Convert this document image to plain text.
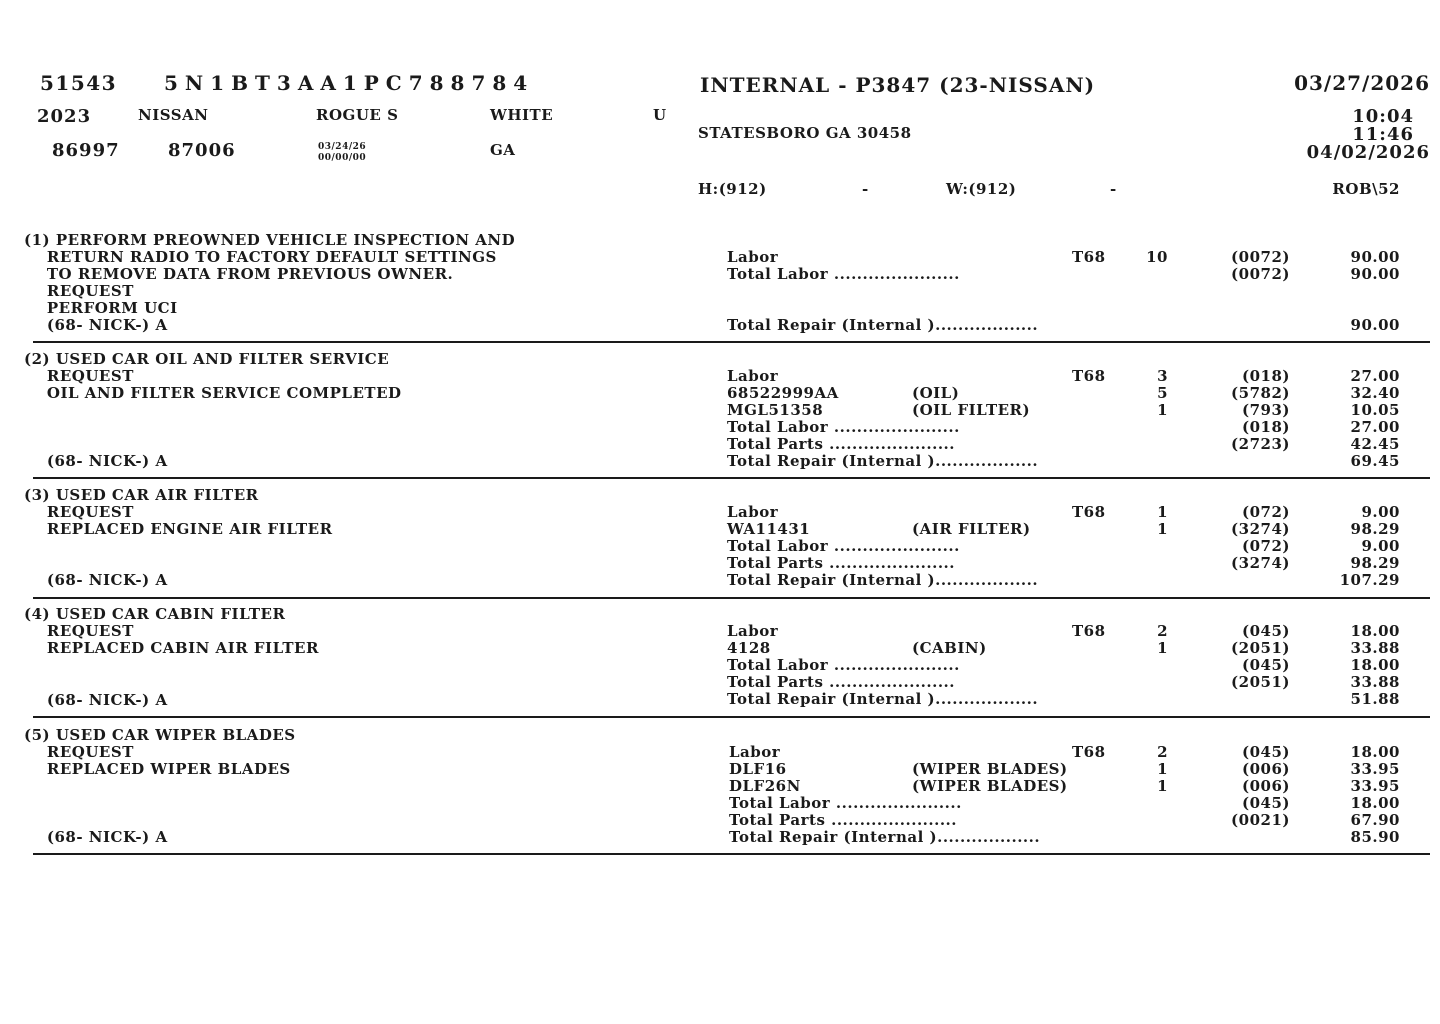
51543 5N1BT3AA1PC788784	INTERNAL - P3847 (23-NISSAN)	03/27/2026
2023	NISSAN	ROGUE S	WHITE	U
STATESBORO GA 30458
10:04
11:46
04/02/2026
86997	87006	03/24/26
00/00/00	GA
H:(912)	-	W:(912)	-	ROB\52
(1) PERFORM PREOWNED VEHICLE INSPECTION AND
RETURN RADIO TO FACTORY DEFAULT SETTINGS
TO REMOVE DATA FROM PREVIOUS OWNER.
REQUEST
PERFORM UCI
(68- NICK-) A
Labor	T68	10	(0072)	90.00
Total Labor ......................	(0072)	90.00
Total Repair (Internal )..................	90.00
(2) USED CAR OIL AND FILTER SERVICE
REQUEST
OIL AND FILTER SERVICE COMPLETED
(68- NICK-) A
Labor	T68	3	(018)	27.00
68522999AA	(OIL)	5	(5782)	32.40
MGL51358	(OIL FILTER)	1	(793)	10.05
Total Labor ......................	(018)	27.00
Total Parts ......................	(2723)	42.45
Total Repair (Internal )..................	69.45
(3) USED CAR AIR FILTER
REQUEST
REPLACED ENGINE AIR FILTER
(68- NICK-) A
Labor	T68	1	(072)	9.00
WA11431	(AIR FILTER)	1	(3274)	98.29
Total Labor ......................	(072)	9.00
Total Parts ......................	(3274)	98.29
Total Repair (Internal )..................	107.29
(4) USED CAR CABIN FILTER
REQUEST
REPLACED CABIN AIR FILTER
(68- NICK-) A
Labor	T68	2	(045)	18.00
4128	(CABIN)	1	(2051)	33.88
Total Labor ......................	(045)	18.00
Total Parts ......................	(2051)	33.88
Total Repair (Internal )..................	51.88
(5) USED CAR WIPER BLADES
REQUEST
REPLACED WIPER BLADES
(68- NICK-) A
Labor	T68	2	(045)	18.00
DLF16	(WIPER BLADES)	1	(006)	33.95
DLF26N	(WIPER BLADES)	1	(006)	33.95
Total Labor ......................	(045)	18.00
Total Parts ......................	(0021)	67.90
Total Repair (Internal )..................	85.90
